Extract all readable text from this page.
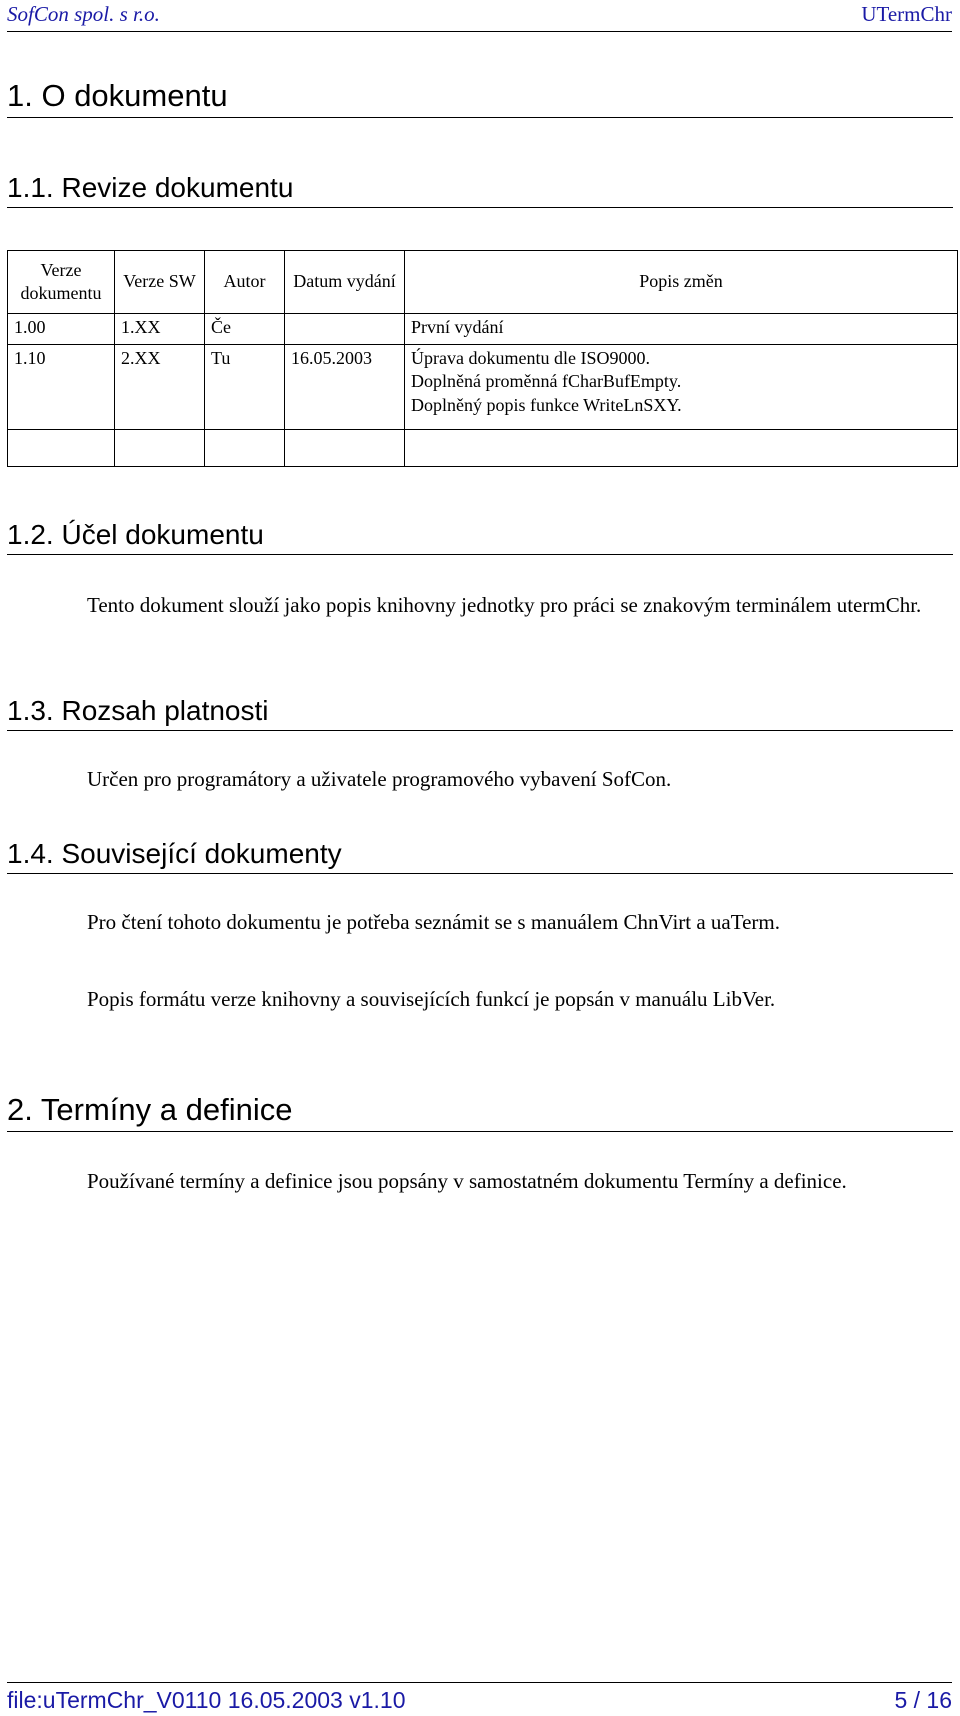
SofCon spol. s r.o.	UTermChr
1. O dokumentu
1.1. Revize dokumentu
Verze dokumentu	Verze SW	Autor	Datum vydání	Popis změn
1.00	1.XX	Če		První vydání

1.10	2.XX	Tu	16.05.2003	Úprava dokumentu dle ISO9000.
Doplněná proměnná fCharBufEmpty.
Doplněný popis funkce WriteLnSXY.

1.2. Účel dokumentu
Tento dokument slouží jako popis knihovny jednotky pro práci se znakovým terminálem utermChr.
1.3. Rozsah platnosti
Určen pro programátory a uživatele programového vybavení SofCon.
1.4. Související dokumenty
Pro čtení tohoto dokumentu je potřeba seznámit se s manuálem ChnVirt a uaTerm.
Popis formátu verze knihovny a souvisejících funkcí je popsán v manuálu LibVer.
2. Termíny a definice
Používané termíny a definice jsou popsány v samostatném dokumentu Termíny a definice.
file:uTermChr_V0110 16.05.2003 v1.10	5 / 16
